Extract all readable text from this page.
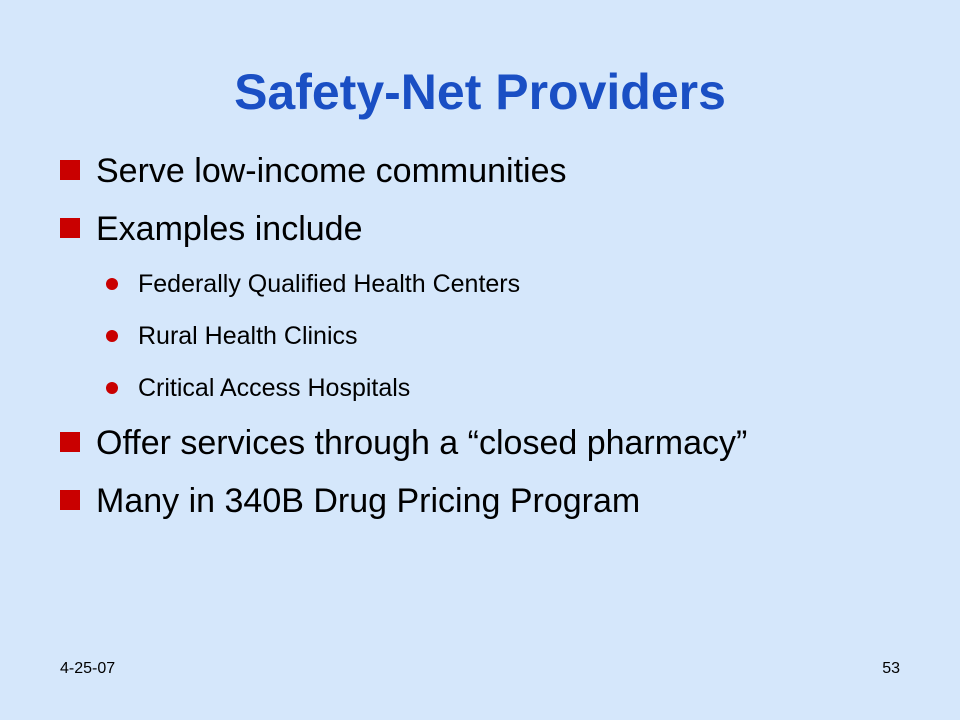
Safety-Net Providers
Serve low-income communities
Examples include
Federally Qualified Health Centers
Rural Health Clinics
Critical Access Hospitals
Offer services through a “closed pharmacy”
Many in 340B Drug Pricing Program
4-25-07	53
